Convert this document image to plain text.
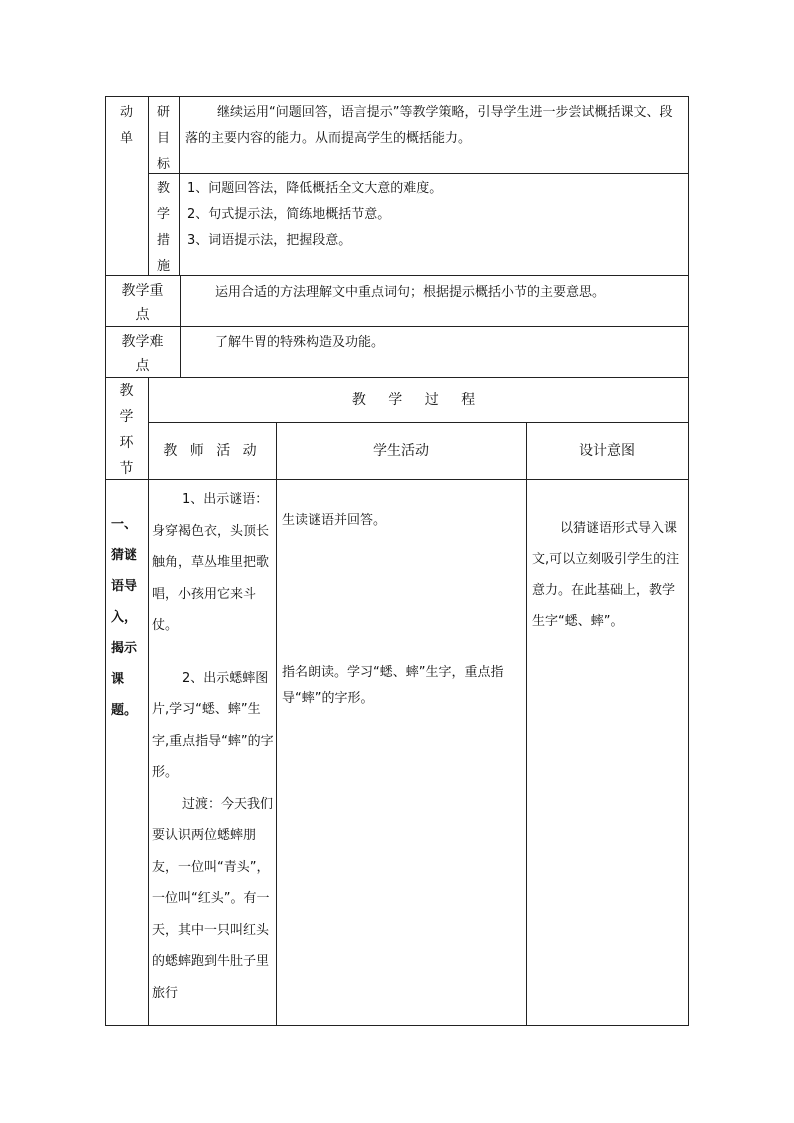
动
单
研
目
标
继续运用“问题回答，语言提示”等教学策略，引导学生进一步尝试概括课文、段落的主要内容的能力。从而提高学生的概括能力。
教
学
措
施
1、问题回答法，降低概括全文大意的难度。
2、句式提示法，简练地概括节意。
3、词语提示法，把握段意。
教学重
点
运用合适的方法理解文中重点词句；根据提示概括小节的主要意思。
教学难
点
了解牛胃的特殊构造及功能。
教
学
环
节
教 学 过 程
教 师 活 动	学生活动	设计意图
一、
猜谜
语导
入，
揭示
课题。
1、出示谜语：身穿褐色衣，头顶长触角，草丛堆里把歌唱，小孩用它来斗仗。
2、出示蟋蟀图片,学习“蟋、蟀”生字,重点指导“蟀”的字形。
过渡：今天我们要认识两位蟋蟀朋友，一位叫“青头”，一位叫“红头”。有一天，其中一只叫红头的蟋蟀跑到牛肚子里旅行
生读谜语并回答。
指名朗读。学习“蟋、蟀”生字，重点指导“蟀”的字形。
以猜谜语形式导入课文,可以立刻吸引学生的注意力。在此基础上，教学生字“蟋、蟀”。
